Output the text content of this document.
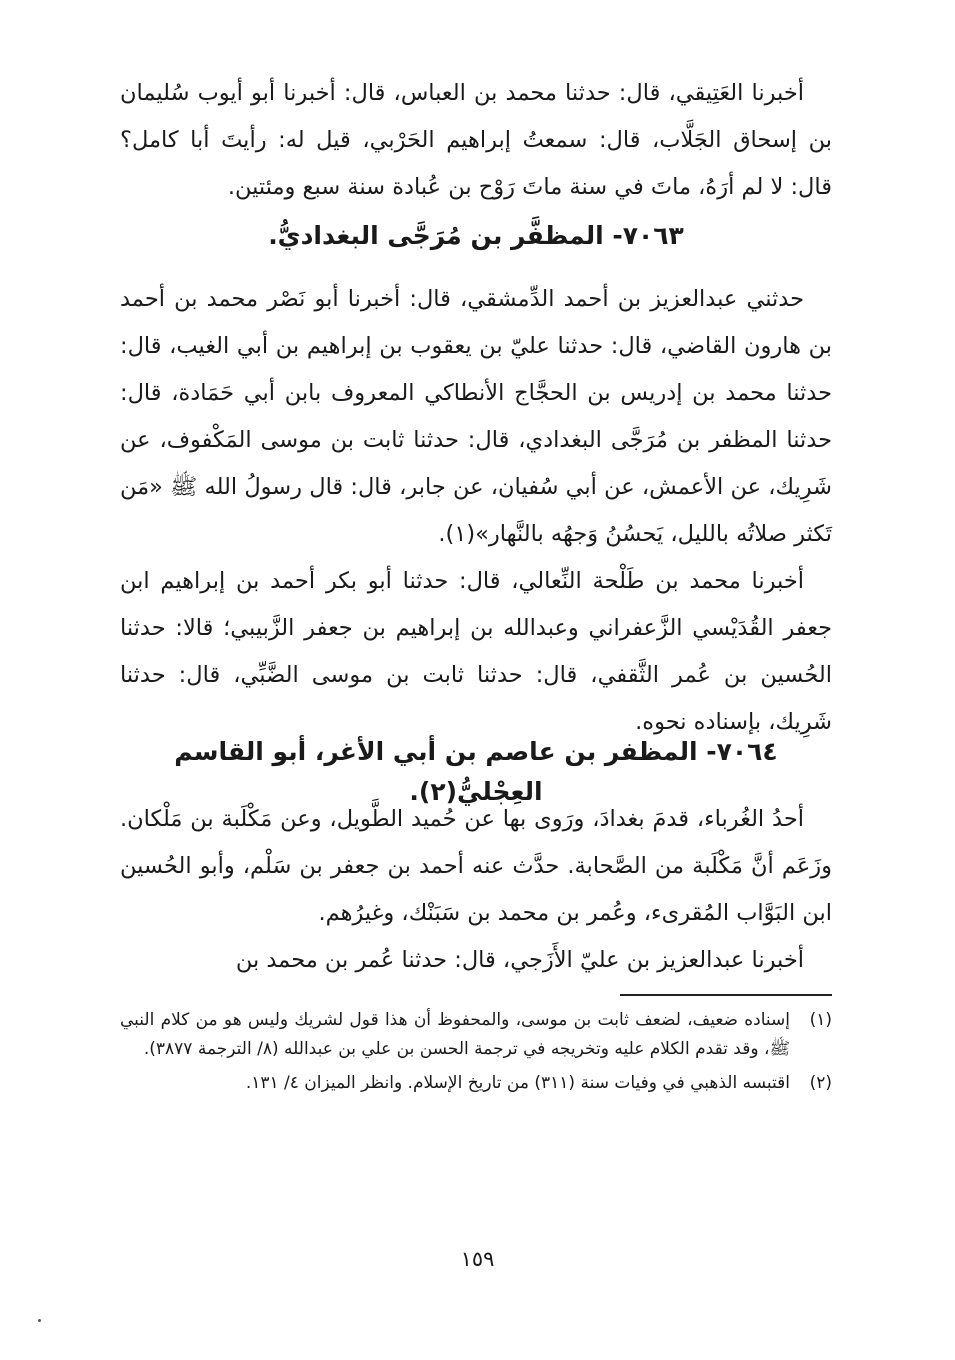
أخبرنا العَتِيقي، قال: حدثنا محمد بن العباس، قال: أخبرنا أبو أيوب سُليمان بن إسحاق الجَلَّاب، قال: سمعتُ إبراهيم الحَرْبي، قيل له: رأيتَ أبا كامل؟ قال: لا لم أرَهُ، ماتَ في سنة ماتَ رَوْح بن عُبادة سنة سبع ومئتين.

٧٠٦٣- المظفَّر بن مُرَجَّى البغداديُّ.

حدثني عبدالعزيز بن أحمد الدِّمشقي، قال: أخبرنا أبو نَصْر محمد بن أحمد بن هارون القاضي، قال: حدثنا عليّ بن يعقوب بن إبراهيم بن أبي الغيب، قال: حدثنا محمد بن إدريس بن الحجَّاج الأنطاكي المعروف بابن أبي حَمَادة، قال: حدثنا المظفر بن مُرَجَّى البغدادي، قال: حدثنا ثابت بن موسى المَكْفوف، عن شَرِيك، عن الأعمش، عن أبي سُفيان، عن جابر، قال: قال رسولُ الله ﷺ «مَن تَكثر صلاتُه بالليل، يَحسُنُ وَجهُه بالنَّهار»(١).

أخبرنا محمد بن طَلْحة النِّعالي، قال: حدثنا أبو بكر أحمد بن إبراهيم ابن جعفر القُدَيْسي الزَّعفراني وعبدالله بن إبراهيم بن جعفر الزَّبيبي؛ قالا: حدثنا الحُسين بن عُمر الثَّقفي، قال: حدثنا ثابت بن موسى الضَّبِّي، قال: حدثنا شَرِيك، بإسناده نحوه.

٧٠٦٤- المظفر بن عاصم بن أبي الأغر، أبو القاسم العِجْليُّ(٢).

أحدُ الغُرباء، قدمَ بغدادَ، ورَوى بها عن حُميد الطَّويل، وعن مَكْلَبة بن مَلْكان. وزَعَم أنَّ مَكْلَبة من الصَّحابة. حدَّث عنه أحمد بن جعفر بن سَلْم، وأبو الحُسين ابن البَوَّاب المُقرىء، وعُمر بن محمد بن سَبَنْك، وغيرُهم.

أخبرنا عبدالعزيز بن عليّ الأَزَجي، قال: حدثنا عُمر بن محمد بن

(١)
إسناده ضعيف، لضعف ثابت بن موسى، والمحفوظ أن هذا قول لشريك وليس هو من كلام النبي ﷺ، وقد تقدم الكلام عليه وتخريجه في ترجمة الحسن بن علي بن عبدالله (٨/ الترجمة ٣٨٧٧).

(٢)
اقتبسه الذهبي في وفيات سنة (٣١١) من تاريخ الإسلام. وانظر الميزان ٤/ ١٣١.

١٥٩
